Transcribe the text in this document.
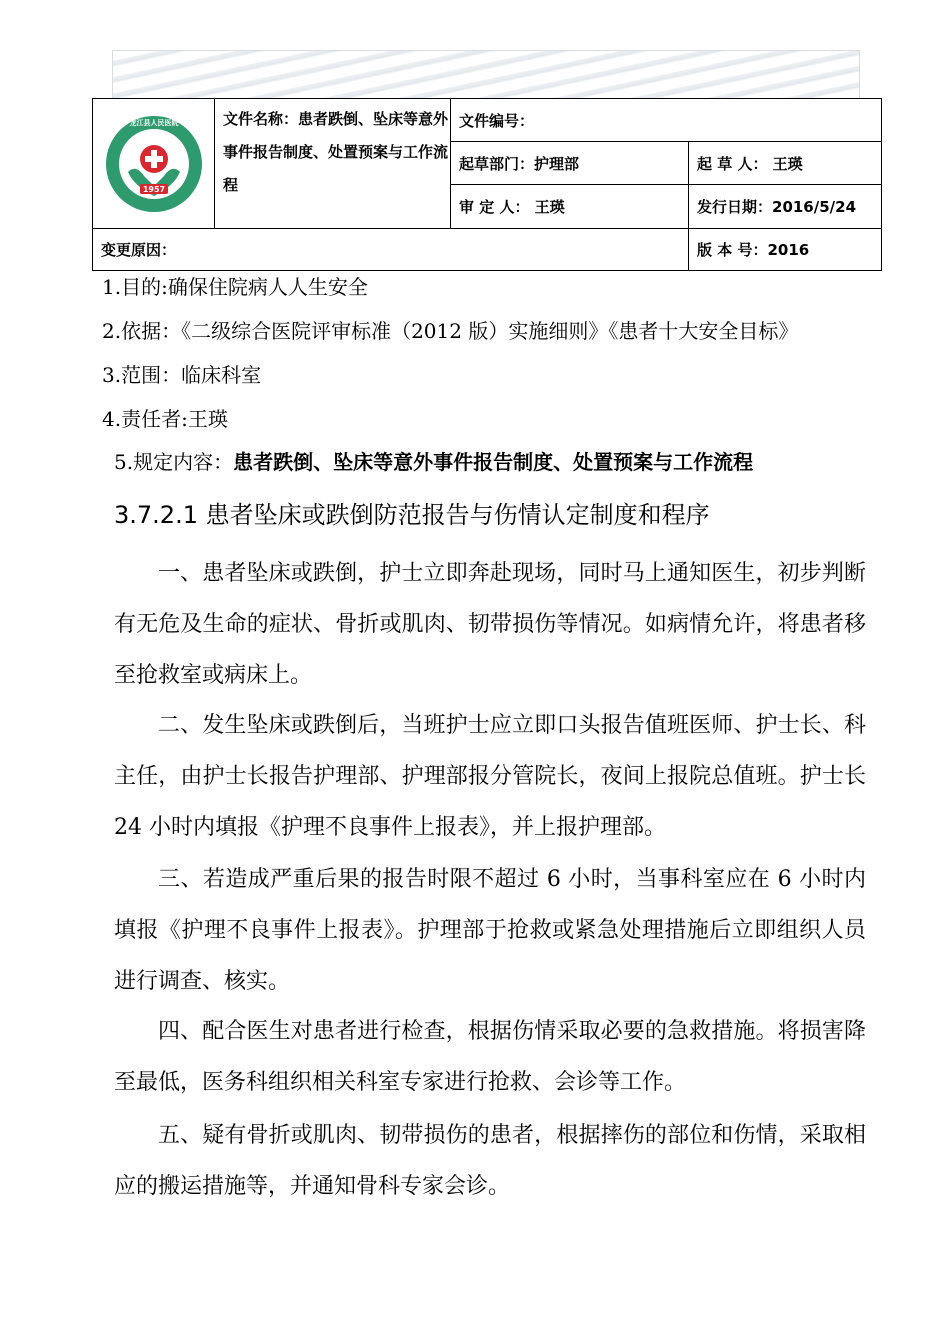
1957
龙江县人民医院	文件名称：患者跌倒、坠床等意外事件报告制度、处置预案与工作流程	文件编号：	
		起草部门：护理部	起 草 人： 王瑛
		审 定 人： 王瑛	发行日期：2016/5/24
变更原因：			版 本 号：2016
1.目的:确保住院病人人生安全
2.依据：《二级综合医院评审标准（2012 版）实施细则》《患者十大安全目标》
3.范围：临床科室
4.责任者:王瑛
5.规定内容：患者跌倒、坠床等意外事件报告制度、处置预案与工作流程
3.7.2.1 患者坠床或跌倒防范报告与伤情认定制度和程序

一、患者坠床或跌倒，护士立即奔赴现场，同时马上通知医生，初步判断有无危及生命的症状、骨折或肌肉、韧带损伤等情况。如病情允许，将患者移至抢救室或病床上。

二、发生坠床或跌倒后，当班护士应立即口头报告值班医师、护士长、科主任，由护士长报告护理部、护理部报分管院长，夜间上报院总值班。护士长 24 小时内填报《护理不良事件上报表》，并上报护理部。

三、若造成严重后果的报告时限不超过 6 小时，当事科室应在 6 小时内填报《护理不良事件上报表》。护理部于抢救或紧急处理措施后立即组织人员进行调查、核实。

四、配合医生对患者进行检查，根据伤情采取必要的急救措施。将损害降至最低，医务科组织相关科室专家进行抢救、会诊等工作。

五、疑有骨折或肌肉、韧带损伤的患者，根据摔伤的部位和伤情，采取相应的搬运措施等，并通知骨科专家会诊。
